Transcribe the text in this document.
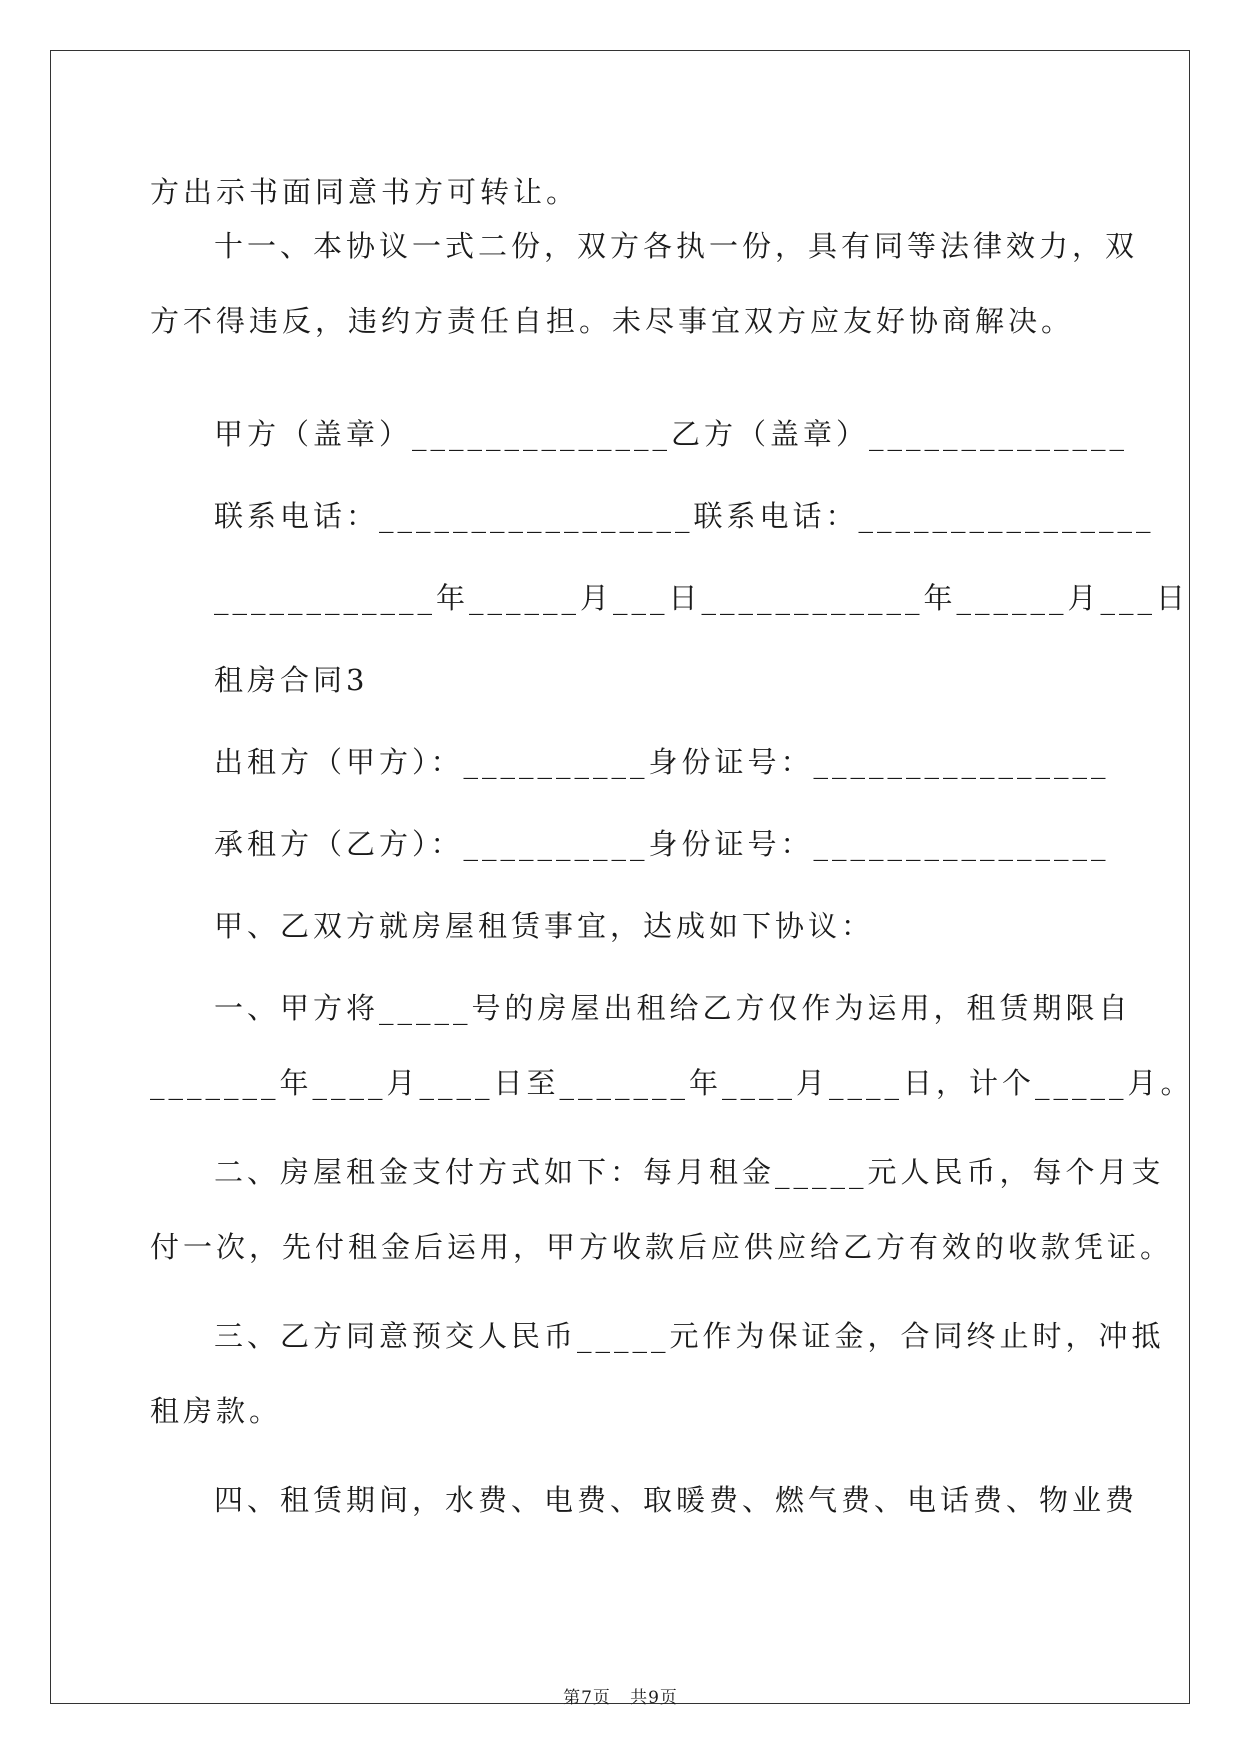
方出示书面同意书方可转让。
十一、本协议一式二份，双方各执一份，具有同等法律效力，双
方不得违反，违约方责任自担。未尽事宜双方应友好协商解决。
甲方（盖章）______________乙方（盖章）______________
联系电话：_________________联系电话：________________
____________年______月___日____________年______月___日
租房合同3
出租方（甲方）：__________身份证号：________________
承租方（乙方）：__________身份证号：________________
甲、乙双方就房屋租赁事宜，达成如下协议：
一、甲方将_____号的房屋出租给乙方仅作为运用，租赁期限自
_______年____月____日至_______年____月____日，计个_____月。
二、房屋租金支付方式如下：每月租金_____元人民币，每个月支
付一次，先付租金后运用，甲方收款后应供应给乙方有效的收款凭证。
三、乙方同意预交人民币_____元作为保证金，合同终止时，冲抵
租房款。
四、租赁期间，水费、电费、取暖费、燃气费、电话费、物业费
第7页   共9页
